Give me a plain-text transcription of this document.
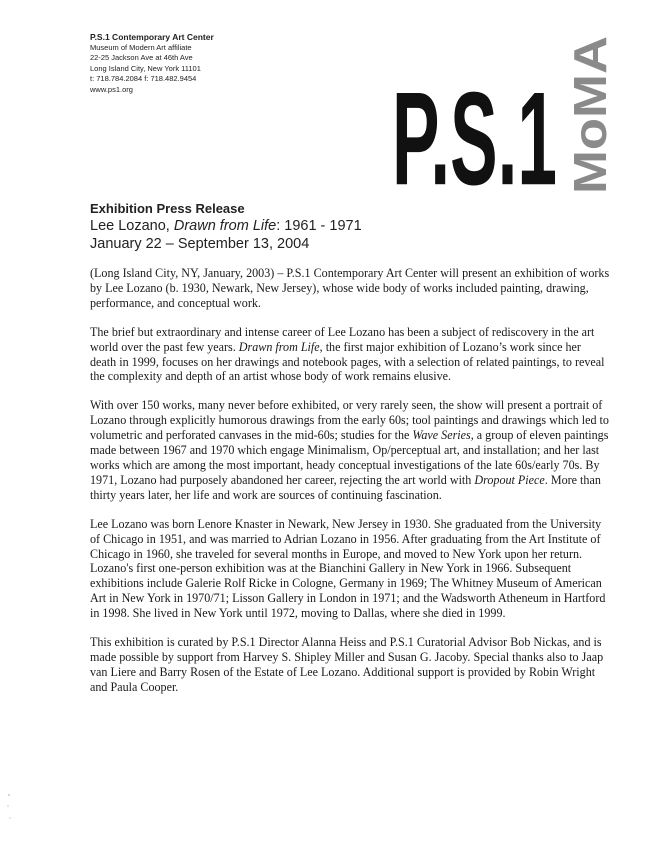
P.S.1 Contemporary Art Center
Museum of Modern Art affiliate
22-25 Jackson Ave at 46th Ave
Long Island City, New York 11101
t: 718.784.2084 f: 718.482.9454
www.ps1.org	P.S.1 MoMA
Exhibition Press Release
Lee Lozano, Drawn from Life: 1961 - 1971
January 22 – September 13, 2004

(Long Island City, NY, January, 2003) – P.S.1 Contemporary Art Center will present an exhibition of works by Lee Lozano (b. 1930, Newark, New Jersey), whose wide body of works included painting, drawing, performance, and conceptual work.

The brief but extraordinary and intense career of Lee Lozano has been a subject of rediscovery in the art world over the past few years. Drawn from Life, the first major exhibition of Lozano’s work since her death in 1999, focuses on her drawings and notebook pages, with a selection of related paintings, to reveal the complexity and depth of an artist whose body of work remains elusive.

With over 150 works, many never before exhibited, or very rarely seen, the show will present a portrait of Lozano through explicitly humorous drawings from the early 60s; tool paintings and drawings which led to volumetric and perforated canvases in the mid-60s; studies for the Wave Series, a group of eleven paintings made between 1967 and 1970 which engage Minimalism, Op/perceptual art, and installation; and her last works which are among the most important, heady conceptual investigations of the late 60s/early 70s. By 1971, Lozano had purposely abandoned her career, rejecting the art world with Dropout Piece. More than thirty years later, her life and work are sources of continuing fascination.

Lee Lozano was born Lenore Knaster in Newark, New Jersey in 1930. She graduated from the University of Chicago in 1951, and was married to Adrian Lozano in 1956. After graduating from the Art Institute of Chicago in 1960, she traveled for several months in Europe, and moved to New York upon her return. Lozano's first one-person exhibition was at the Bianchini Gallery in New York in 1966. Subsequent exhibitions include Galerie Rolf Ricke in Cologne, Germany in 1969; The Whitney Museum of American Art in New York in 1970/71; Lisson Gallery in London in 1971; and the Wadsworth Atheneum in Hartford in 1998. She lived in New York until 1972, moving to Dallas, where she died in 1999.

This exhibition is curated by P.S.1 Director Alanna Heiss and P.S.1 Curatorial Advisor Bob Nickas, and is made possible by support from Harvey S. Shipley Miller and Susan G. Jacoby. Special thanks also to Jaap van Liere and Barry Rosen of the Estate of Lee Lozano. Additional support is provided by Robin Wright and Paula Cooper.
